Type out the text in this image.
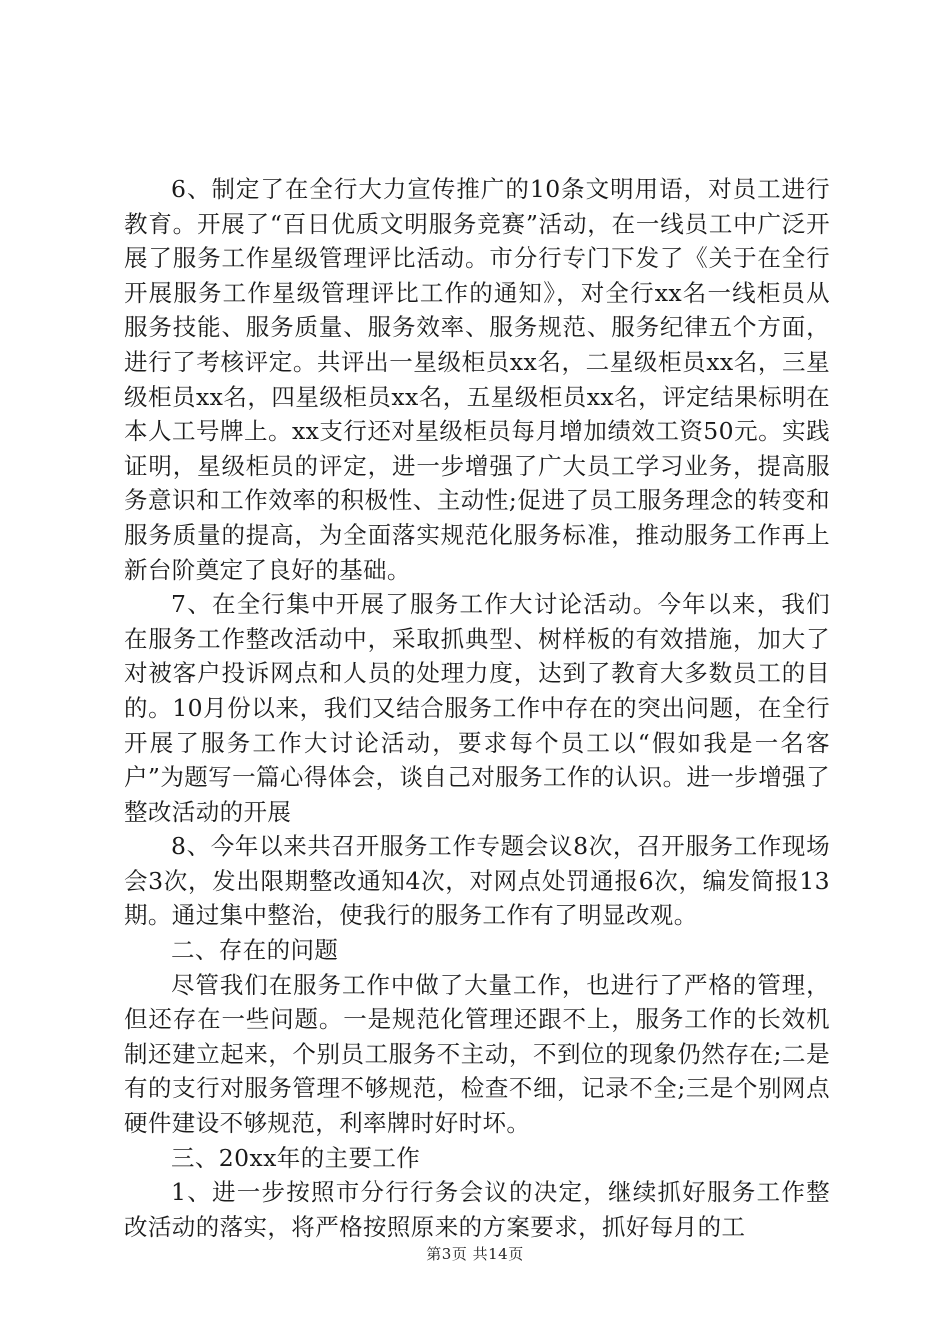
6、制定了在全行大力宣传推广的10条文明用语，对员工进行教育。开展了“百日优质文明服务竞赛”活动，在一线员工中广泛开展了服务工作星级管理评比活动。市分行专门下发了《关于在全行开展服务工作星级管理评比工作的通知》，对全行xx名一线柜员从服务技能、服务质量、服务效率、服务规范、服务纪律五个方面，进行了考核评定。共评出一星级柜员xx名，二星级柜员xx名，三星级柜员xx名，四星级柜员xx名，五星级柜员xx名，评定结果标明在本人工号牌上。xx支行还对星级柜员每月增加绩效工资50元。实践证明，星级柜员的评定，进一步增强了广大员工学习业务，提高服务意识和工作效率的积极性、主动性;促进了员工服务理念的转变和服务质量的提高，为全面落实规范化服务标准，推动服务工作再上新台阶奠定了良好的基础。

7、在全行集中开展了服务工作大讨论活动。今年以来，我们在服务工作整改活动中，采取抓典型、树样板的有效措施，加大了对被客户投诉网点和人员的处理力度，达到了教育大多数员工的目的。10月份以来，我们又结合服务工作中存在的突出问题，在全行开展了服务工作大讨论活动，要求每个员工以“假如我是一名客户”为题写一篇心得体会，谈自己对服务工作的认识。进一步增强了整改活动的开展

8、今年以来共召开服务工作专题会议8次，召开服务工作现场会3次，发出限期整改通知4次，对网点处罚通报6次，编发简报13期。通过集中整治，使我行的服务工作有了明显改观。

二、存在的问题

尽管我们在服务工作中做了大量工作，也进行了严格的管理，但还存在一些问题。一是规范化管理还跟不上，服务工作的长效机制还建立起来，个别员工服务不主动，不到位的现象仍然存在;二是有的支行对服务管理不够规范，检查不细，记录不全;三是个别网点硬件建设不够规范，利率牌时好时坏。

三、20xx年的主要工作

1、进一步按照市分行行务会议的决定，继续抓好服务工作整改活动的落实，将严格按照原来的方案要求，抓好每月的工

第3页 共14页
